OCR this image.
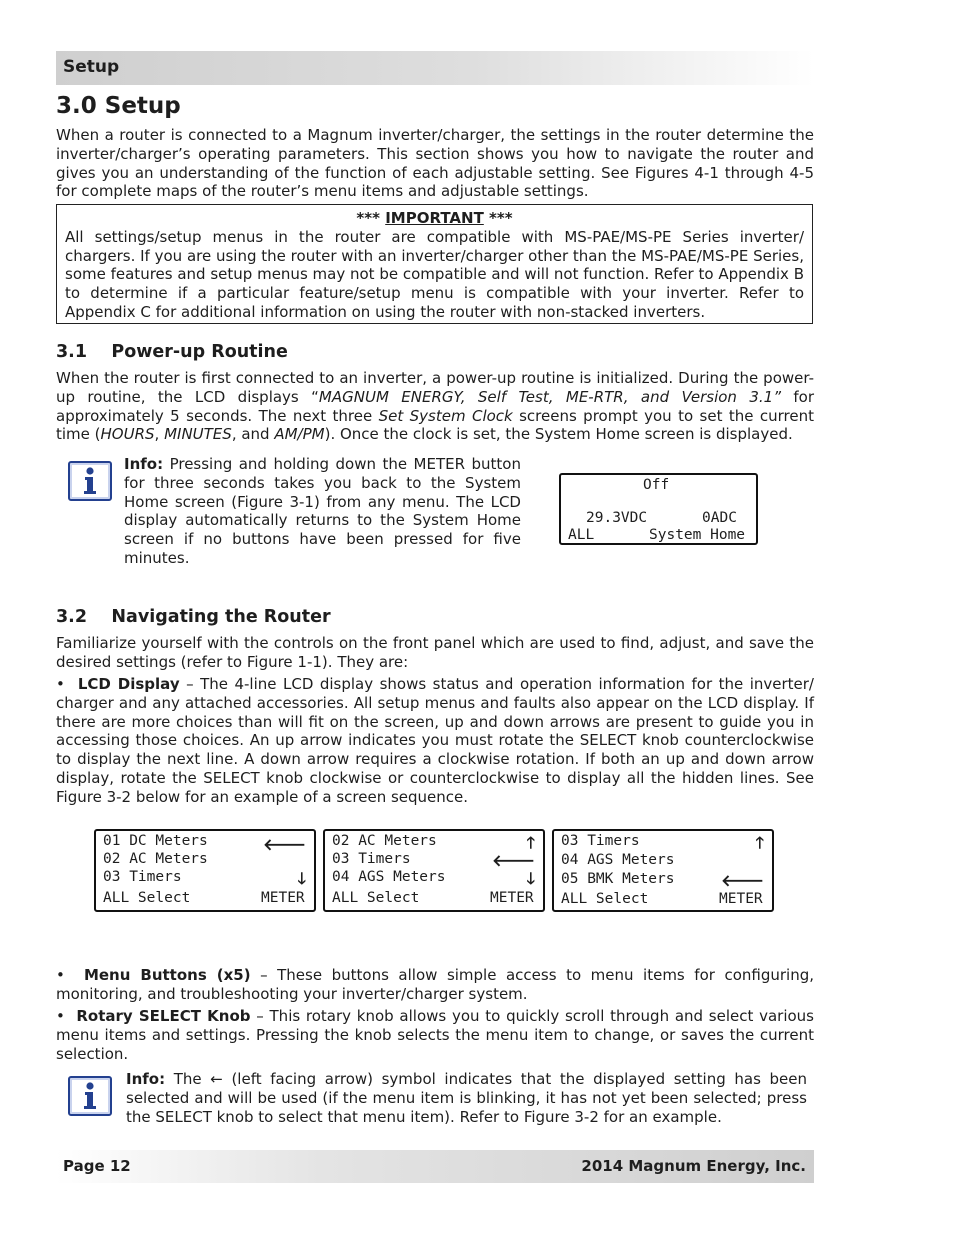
Setup
3.0 Setup

When a router is connected to a Magnum inverter/charger, the settings in the router determine the inverter/charger’s operating parameters. This section shows you how to navigate the router and gives you an understanding of the function of each adjustable setting. See Figures 4-1 through 4-5 for complete maps of the router’s menu items and adjustable settings.

*** IMPORTANT ***
All settings/setup menus in the router are compatible with MS-PAE/MS-PE Series inverter/ chargers. If you are using the router with an inverter/charger other than the MS-PAE/MS-PE Series, some features and setup menus may not be compatible and will not function. Refer to Appendix B to determine if a particular feature/setup menu is compatible with your inverter. Refer to Appendix C for additional information on using the router with non-stacked inverters.
3.1    Power-up Routine

When the router is first connected to an inverter, a power-up routine is initialized. During the power-up routine, the LCD displays “MAGNUM ENERGY, Self Test, ME-RTR, and Version 3.1” for approximately 5 seconds. The next three Set System Clock screens prompt you to set the current time (HOURS, MINUTES, and AM/PM). Once the clock is set, the System Home screen is displayed.

Info: Pressing and holding down the METER button for three seconds takes you back to the System Home screen (Figure 3-1) from any menu. The LCD display automatically returns to the System Home screen if no buttons have been pressed for five minutes.

Off
29.3VDC	0ADC
ALL	System Home
3.2    Navigating the Router

Familiarize yourself with the controls on the front panel which are used to find, adjust, and save the desired settings (refer to Figure 1-1). They are:

• LCD Display – The 4-line LCD display shows status and operation information for the inverter/ charger and any attached accessories. All setup menus and faults also appear on the LCD display. If there are more choices than will fit on the screen, up and down arrows are present to guide you in accessing those choices. An up arrow indicates you must rotate the SELECT knob counterclockwise to display the next line. A down arrow requires a clockwise rotation. If both an up and down arrow display, rotate the SELECT knob clockwise or counterclockwise to display all the hidden lines. See Figure 3-2 below for an example of a screen sequence.

01 DC Meters	🡐
02 AC Meters
03 Timers	🡓
ALL Select	METER
02 AC Meters	🡑
03 Timers	🡐
04 AGS Meters	🡓
ALL Select	METER
03 Timers	🡑
04 AGS Meters
05 BMK Meters	🡐
ALL Select	METER

• Menu Buttons (x5) – These buttons allow simple access to menu items for configuring, monitoring, and troubleshooting your inverter/charger system.

• Rotary SELECT Knob – This rotary knob allows you to quickly scroll through and select various menu items and settings. Pressing the knob selects the menu item to change, or saves the current selection.

Info: The ← (left facing arrow) symbol indicates that the displayed setting has been selected and will be used (if the menu item is blinking, it has not yet been selected; press the SELECT knob to select that menu item). Refer to Figure 3-2 for an example.

Page 12	2014 Magnum Energy, Inc.
